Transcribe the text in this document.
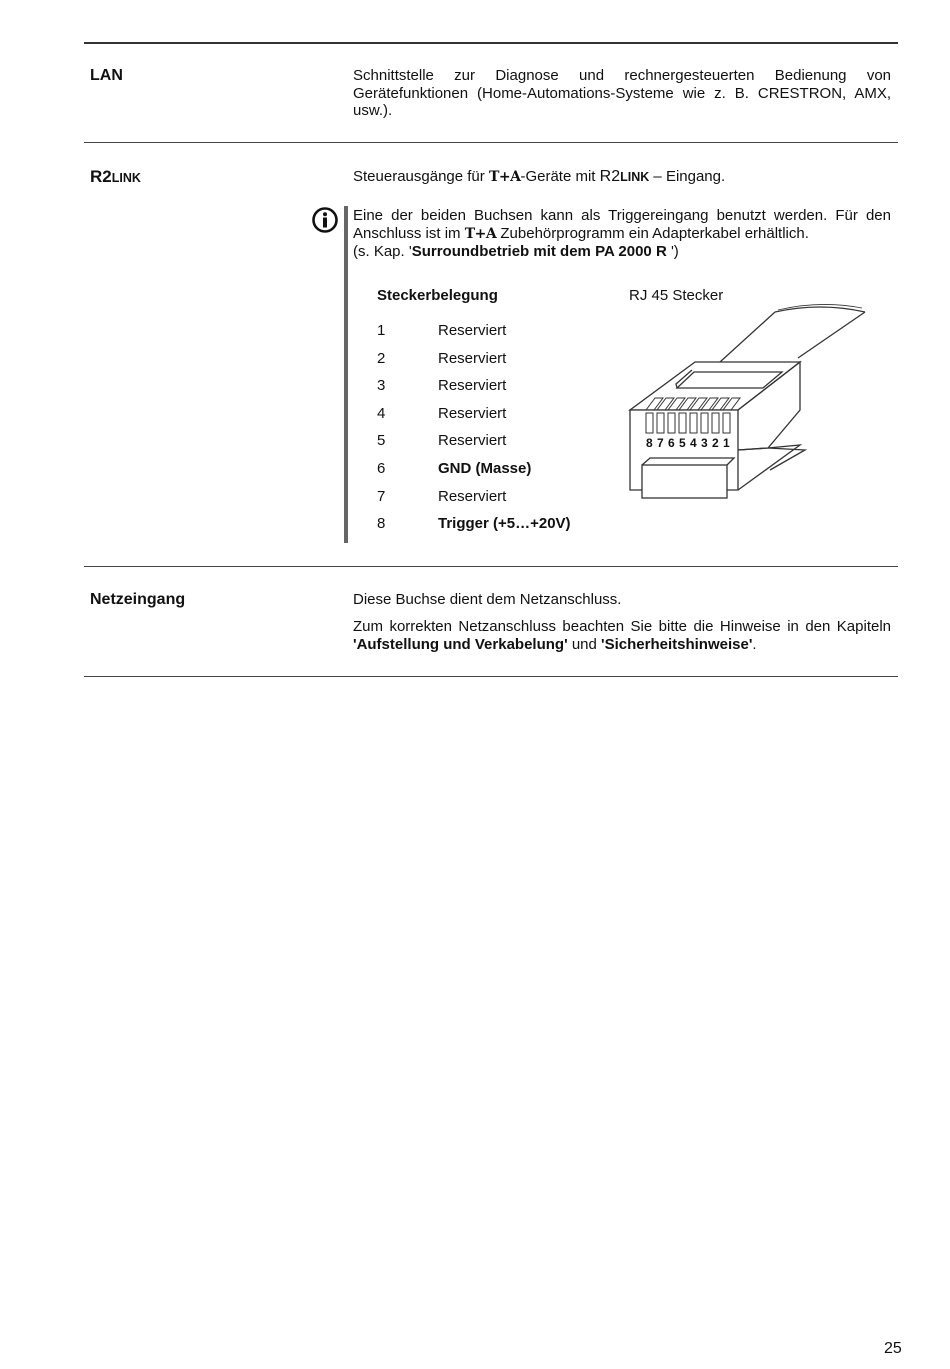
LAN	Schnittstelle zur Diagnose und rechnergesteuerten Bedienung von
Gerätefunktionen (Home-Automations-Systeme wie z. B. CRESTRON, AMX,
usw.).
R2LINK	Steuerausgänge für T+A-Geräte mit R2LINK – Eingang.
Eine der beiden Buchsen kann als Triggereingang benutzt werden. Für den
Anschluss ist im T+A Zubehörprogramm ein Adapterkabel erhältlich.
(s. Kap. 'Surroundbetrieb mit dem PA 2000 R ')
Steckerbelegung	RJ 45 Stecker
1	Reserviert
2	Reserviert
3	Reserviert
4	Reserviert
5	Reserviert
6	GND (Masse)
7	Reserviert
8	Trigger (+5…+20V)
8 7 6 5 4 3 2 1
Netzeingang	Diese Buchse dient dem Netzanschluss.
Zum korrekten Netzanschluss beachten Sie bitte die Hinweise in den Kapiteln
'Aufstellung und Verkabelung' und 'Sicherheitshinweise'.
25
